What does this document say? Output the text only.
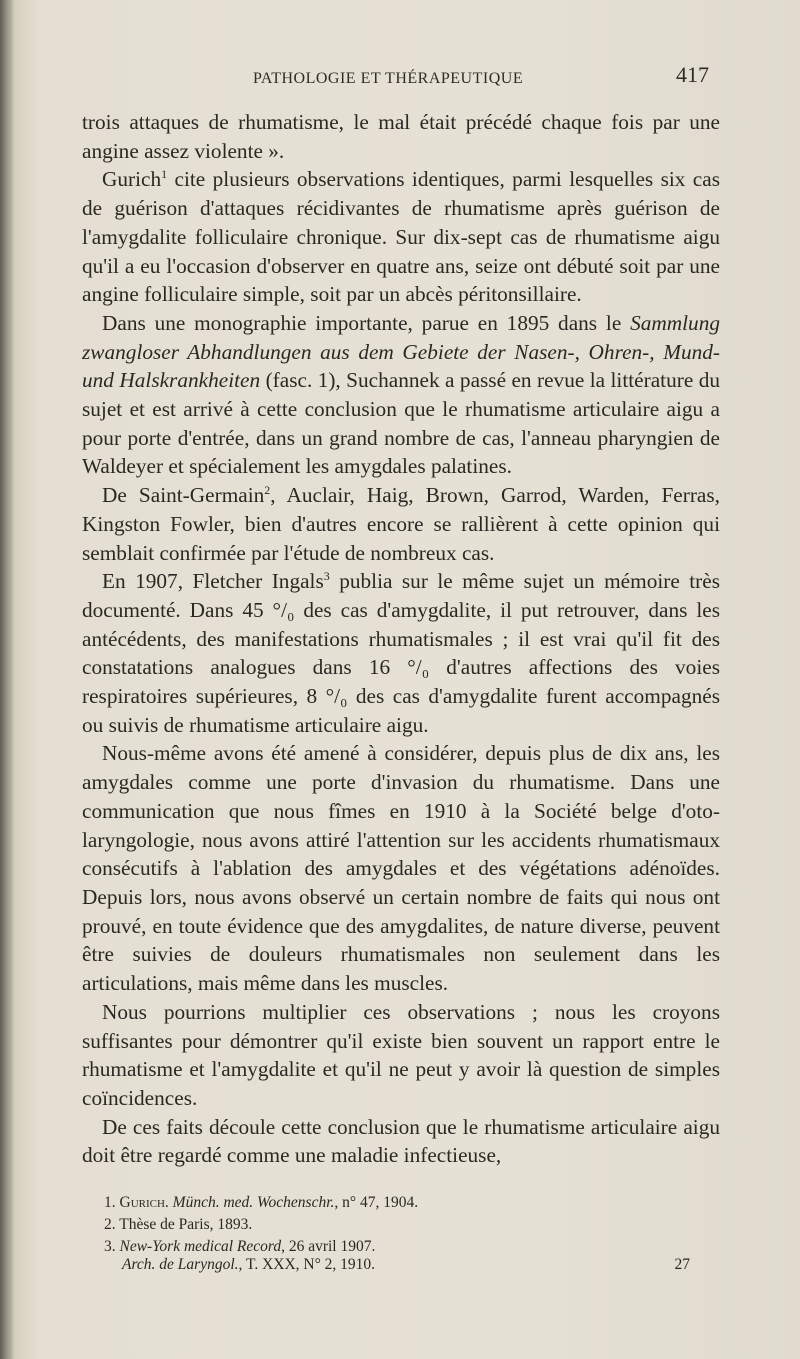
PATHOLOGIE ET THÉRAPEUTIQUE	417

trois attaques de rhumatisme, le mal était précédé chaque fois par une angine assez violente ».

Gurich$^1$ cite plusieurs observations identiques, parmi lesquelles six cas de guérison d'attaques récidivantes de rhumatisme après guérison de l'amygdalite folliculaire chronique. Sur dix-sept cas de rhumatisme aigu qu'il a eu l'occasion d'observer en quatre ans, seize ont débuté soit par une angine folliculaire simple, soit par un abcès péritonsillaire.

Dans une monographie importante, parue en 1895 dans le Sammlung zwangloser Abhandlungen aus dem Gebiete der Nasen-, Ohren-, Mund-und Halskrankheiten (fasc. 1), Suchannek a passé en revue la littérature du sujet et est arrivé à cette conclusion que le rhumatisme articulaire aigu a pour porte d'entrée, dans un grand nombre de cas, l'anneau pharyngien de Waldeyer et spécialement les amygdales palatines.

De Saint-Germain$^2$, Auclair, Haig, Brown, Garrod, Warden, Ferras, Kingston Fowler, bien d'autres encore se rallièrent à cette opinion qui semblait confirmée par l'étude de nombreux cas.

En 1907, Fletcher Ingals$^3$ publia sur le même sujet un mémoire très documenté. Dans 45 °/₀ des cas d'amygdalite, il put retrouver, dans les antécédents, des manifestations rhumatismales ; il est vrai qu'il fit des constatations analogues dans 16 °/₀ d'autres affections des voies respiratoires supérieures, 8 °/₀ des cas d'amygdalite furent accompagnés ou suivis de rhumatisme articulaire aigu.

Nous-même avons été amené à considérer, depuis plus de dix ans, les amygdales comme une porte d'invasion du rhumatisme. Dans une communication que nous fîmes en 1910 à la Société belge d'oto-laryngologie, nous avons attiré l'attention sur les accidents rhumatismaux consécutifs à l'ablation des amygdales et des végétations adénoïdes. Depuis lors, nous avons observé un certain nombre de faits qui nous ont prouvé, en toute évidence que des amygdalites, de nature diverse, peuvent être suivies de douleurs rhumatismales non seulement dans les articulations, mais même dans les muscles.

Nous pourrions multiplier ces observations ; nous les croyons suffisantes pour démontrer qu'il existe bien souvent un rapport entre le rhumatisme et l'amygdalite et qu'il ne peut y avoir là question de simples coïncidences.

De ces faits découle cette conclusion que le rhumatisme articulaire aigu doit être regardé comme une maladie infectieuse,

1. Gurich. Münch. med. Wochenschr., n° 47, 1904.
2. Thèse de Paris, 1893.
3. New-York medical Record, 26 avril 1907.
Arch. de Laryngol., T. XXX, N° 2, 1910.	27
